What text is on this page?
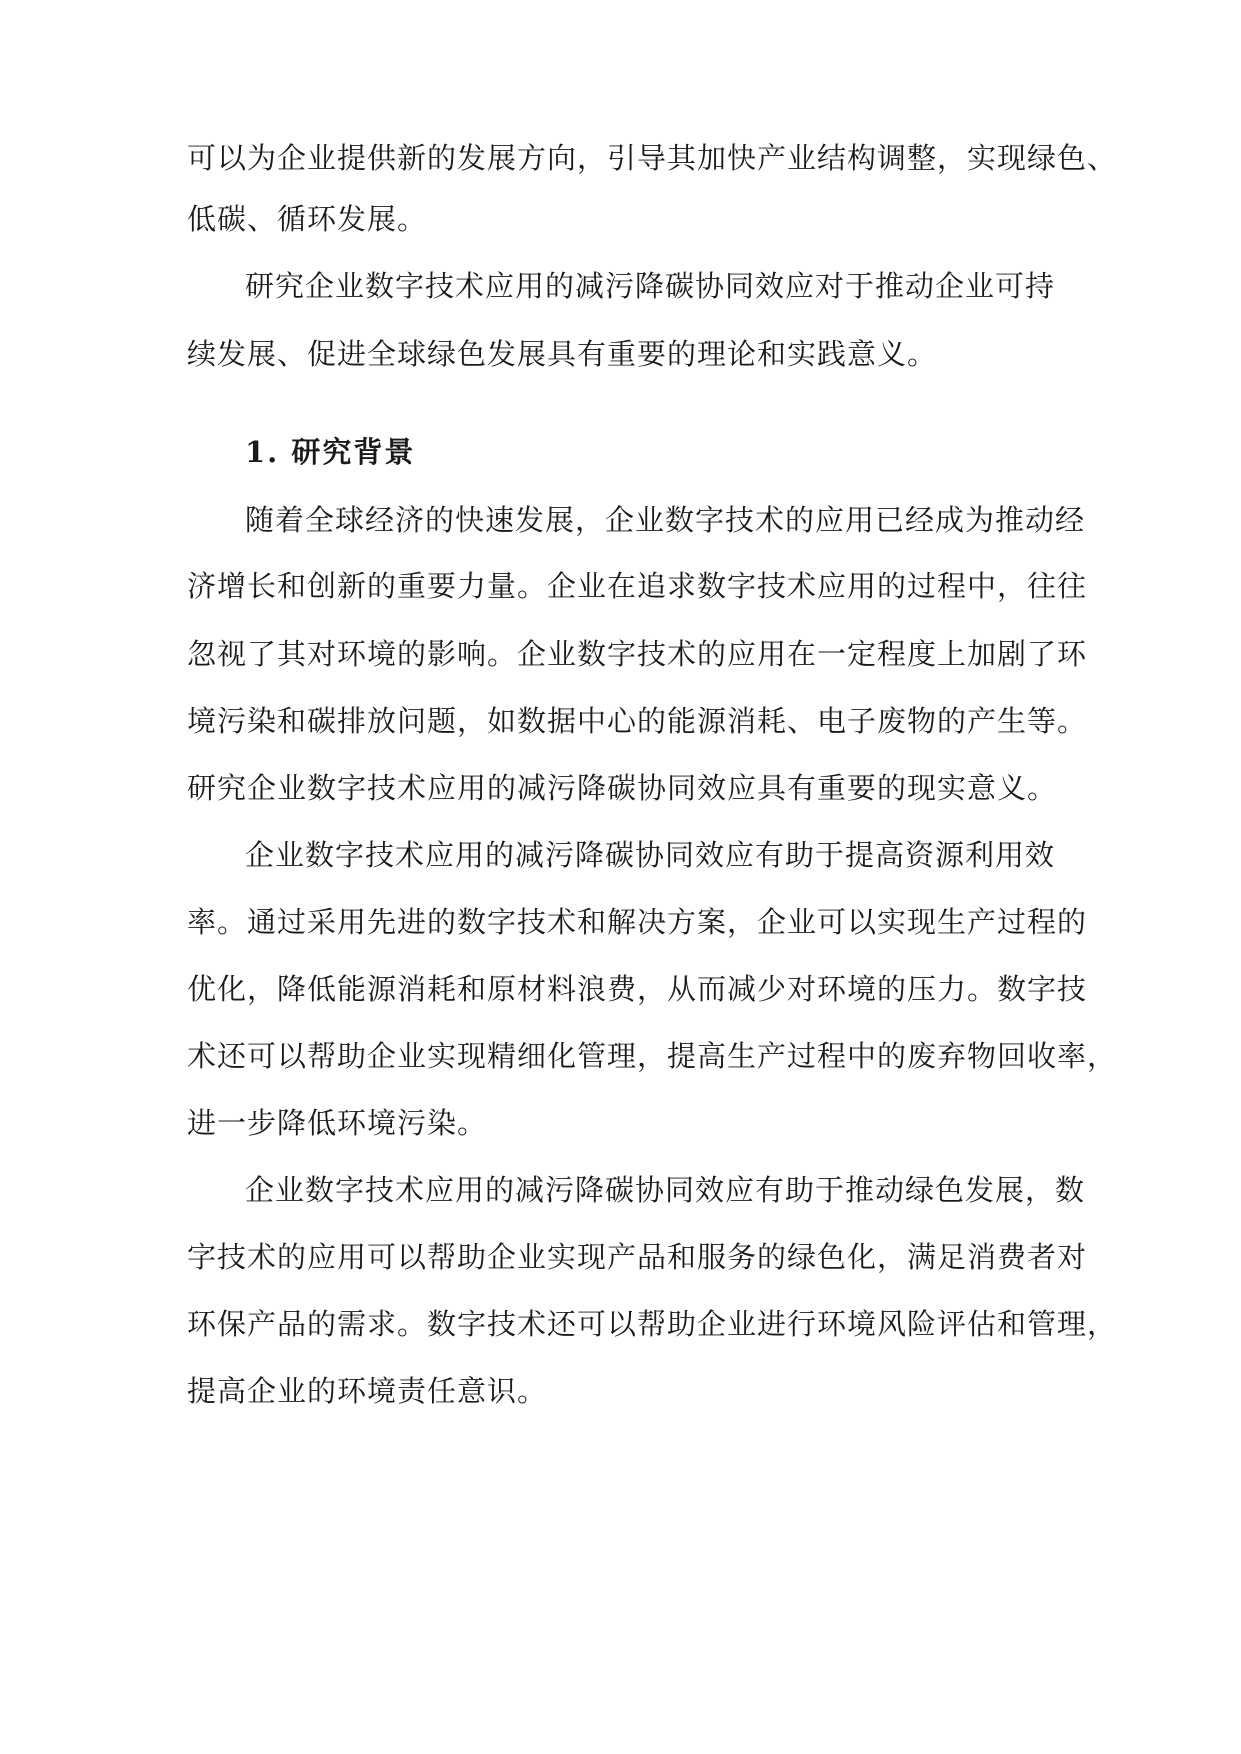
可以为企业提供新的发展方向，引导其加快产业结构调整，实现绿色、
低碳、循环发展。
研究企业数字技术应用的减污降碳协同效应对于推动企业可持
续发展、促进全球绿色发展具有重要的理论和实践意义。
1. 研究背景
随着全球经济的快速发展，企业数字技术的应用已经成为推动经
济增长和创新的重要力量。企业在追求数字技术应用的过程中，往往
忽视了其对环境的影响。企业数字技术的应用在一定程度上加剧了环
境污染和碳排放问题，如数据中心的能源消耗、电子废物的产生等。
研究企业数字技术应用的减污降碳协同效应具有重要的现实意义。
企业数字技术应用的减污降碳协同效应有助于提高资源利用效
率。通过采用先进的数字技术和解决方案，企业可以实现生产过程的
优化，降低能源消耗和原材料浪费，从而减少对环境的压力。数字技
术还可以帮助企业实现精细化管理，提高生产过程中的废弃物回收率，
进一步降低环境污染。
企业数字技术应用的减污降碳协同效应有助于推动绿色发展，数
字技术的应用可以帮助企业实现产品和服务的绿色化，满足消费者对
环保产品的需求。数字技术还可以帮助企业进行环境风险评估和管理，
提高企业的环境责任意识。
